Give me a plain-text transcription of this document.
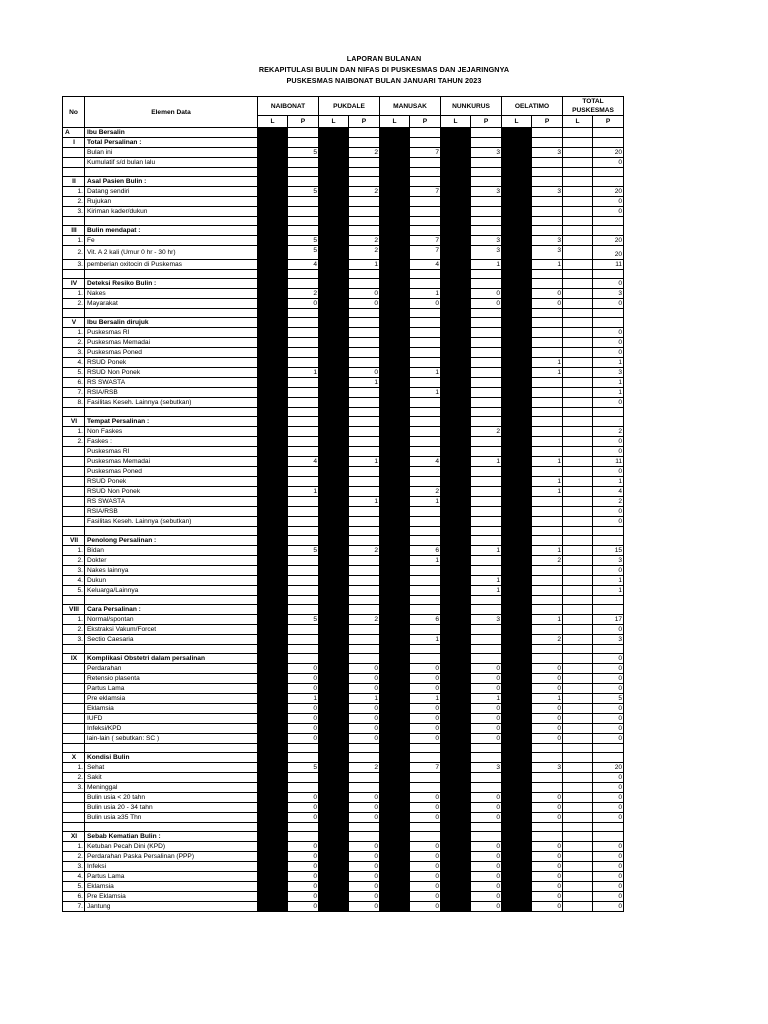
LAPORAN BULANAN
REKAPITULASI BULIN DAN NIFAS DI PUSKESMAS DAN JEJARINGNYA
PUSKESMAS NAIBONAT BULAN JANUARI TAHUN 2023
No	Elemen Data	NAIBONAT		PUKDALE		MANUSAK		NUNKURUS		OELATIMO		TOTAL PUSKESMAS	
		L	P	L	P	L	P	L	P	L	P	L	P
A	Ibu Bersalin												
I	Total Persalinan :												
	Bulan ini		5		2		7		3		3		20
	Kumulatif s/d bulan lalu												0

II	Asal Pasien Bulin :												
1.	Datang sendiri		5		2		7		3		3		20
2.	Rujukan												0
3.	Kiriman kader/dukun												0

III	Bulin mendapat :												
1.	Fe		5		2		7		3		3		20
2.	Vit. A 2 kali (Umur 0 hr - 30 hr)		5		2		7		3		3		20
3.	pemberian oxitocin di Puskemas		4		1		4		1		1		11

IV	Deteksi Resiko Bulin :												0
1.	Nakes		2		0		1		0		0		3
2.	Mayarakat		0		0		0		0		0		0

V	Ibu Bersalin dirujuk												
1.	Puskesmas RI												0
2.	Puskesmas Memadai												0
3.	Puskesmas Poned												0
4.	RSUD Ponek										1		1
5.	RSUD Non Ponek		1		0		1				1		3
6.	RS SWASTA				1								1
7.	RSIA/RSB						1						1
8.	Fasilitas Keseh. Lainnya (sebutkan)												0

VI	Tempat Persalinan :												
1.	Non Faskes								2				2
2.	Faskes :												0
	Puskesmas RI												0
	Puskesmas Memadai		4		1		4		1		1		11
	Puskesmas Poned												0
	RSUD Ponek										1		1
	RSUD Non Ponek		1				2				1		4
	RS SWASTA				1		1						2
	RSIA/RSB												0
	Fasilitas Keseh. Lainnya (sebutkan)												0

VII	Penolong Persalinan :												
1.	Bidan		5		2		6		1		1		15
2.	Dokter						1				2		3
3.	Nakes lainnya												0
4.	Dukun								1				1
5.	Keluarga/Lainnya								1				1

VIII	Cara Persalinan :												
1.	Normal/spontan		5		2		6		3		1		17
2.	Ekstraksi Vakum/Forcet												0
3.	Sectio Caesaria						1				2		3

IX	Komplikasi Obstetri dalam persalinan												0
	Perdarahan		0		0		0		0		0		0
	Retensio plasenta		0		0		0		0		0		0
	Partus Lama		0		0		0		0		0		0
	Pre eklamsia		1		1		1		1		1		5
	Eklamsia		0		0		0		0		0		0
	IUFD		0		0		0		0		0		0
	Infeksi/KPD		0		0		0		0		0		0
	lain-lain ( sebutkan: SC )		0		0		0		0		0		0

X	Kondisi Bulin												
1.	Sehat		5		2		7		3		3		20
2.	Sakit												0
3.	Meninggal												0
	Bulin usia < 20 tahn		0		0		0		0		0		0
	Bulin usia 20 - 34 tahn		0		0		0		0		0		0
	Bulin usia ≥35 Thn		0		0		0		0		0		0

XI	Sebab Kematian Bulin :												
1.	Ketuban Pecah Dini (KPD)		0		0		0		0		0		0
2.	Perdarahan Paska Persalinan (PPP)		0		0		0		0		0		0
3.	Infeksi		0		0		0		0		0		0
4.	Partus Lama		0		0		0		0		0		0
5.	Eklamsia		0		0		0		0		0		0
6.	Pre Eklamsia		0		0		0		0		0		0
7.	Jantung		0		0		0		0		0		0
